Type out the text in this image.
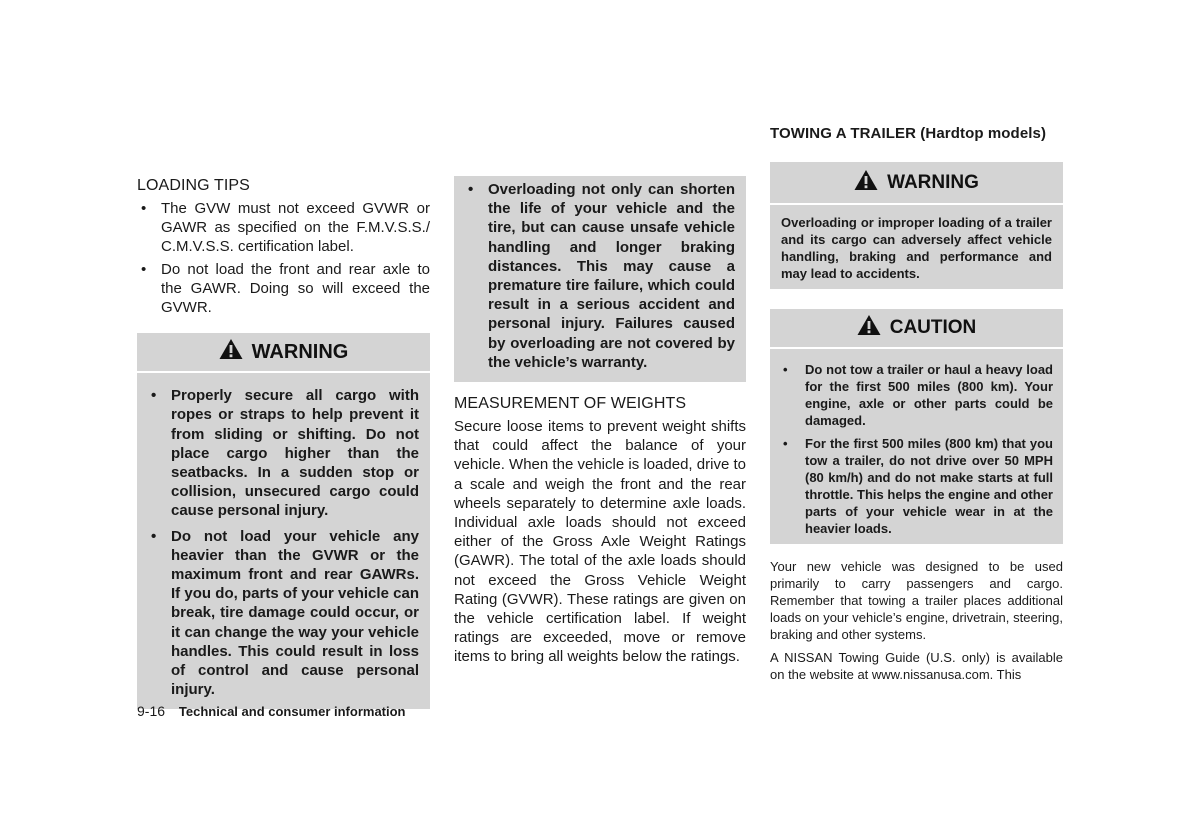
LOADING TIPS
• The GVW must not exceed GVWR or GAWR as specified on the F.M.V.S.S./ C.M.V.S.S. certification label.
• Do not load the front and rear axle to the GAWR. Doing so will exceed the GVWR.
WARNING
• Properly secure all cargo with ropes or straps to help prevent it from sliding or shifting. Do not place cargo higher than the seatbacks. In a sudden stop or collision, unsecured cargo could cause personal injury.
• Do not load your vehicle any heavier than the GVWR or the maximum front and rear GAWRs. If you do, parts of your vehicle can break, tire damage could occur, or it can change the way your vehicle handles. This could result in loss of control and cause personal injury.
• Overloading not only can shorten the life of your vehicle and the tire, but can cause unsafe vehicle handling and longer braking distances. This may cause a premature tire failure, which could result in a serious accident and personal injury. Failures caused by overloading are not covered by the vehicle’s warranty.
MEASUREMENT OF WEIGHTS

Secure loose items to prevent weight shifts that could affect the balance of your vehicle. When the vehicle is loaded, drive to a scale and weigh the front and the rear wheels separately to determine axle loads. Individual axle loads should not exceed either of the Gross Axle Weight Ratings (GAWR). The total of the axle loads should not exceed the Gross Vehicle Weight Rating (GVWR). These ratings are given on the vehicle certification label. If weight ratings are exceeded, move or remove items to bring all weights below the ratings.

TOWING A TRAILER (Hardtop models)
WARNING

Overloading or improper loading of a trailer and its cargo can adversely affect vehicle handling, braking and performance and may lead to accidents.

CAUTION
• Do not tow a trailer or haul a heavy load for the first 500 miles (800 km). Your engine, axle or other parts could be damaged.
• For the first 500 miles (800 km) that you tow a trailer, do not drive over 50 MPH (80 km/h) and do not make starts at full throttle. This helps the engine and other parts of your vehicle wear in at the heavier loads.

Your new vehicle was designed to be used primarily to carry passengers and cargo. Remember that towing a trailer places additional loads on your vehicle’s engine, drivetrain, steering, braking and other systems.

A NISSAN Towing Guide (U.S. only) is available on the website at www.nissanusa.com. This

9-16 Technical and consumer information
